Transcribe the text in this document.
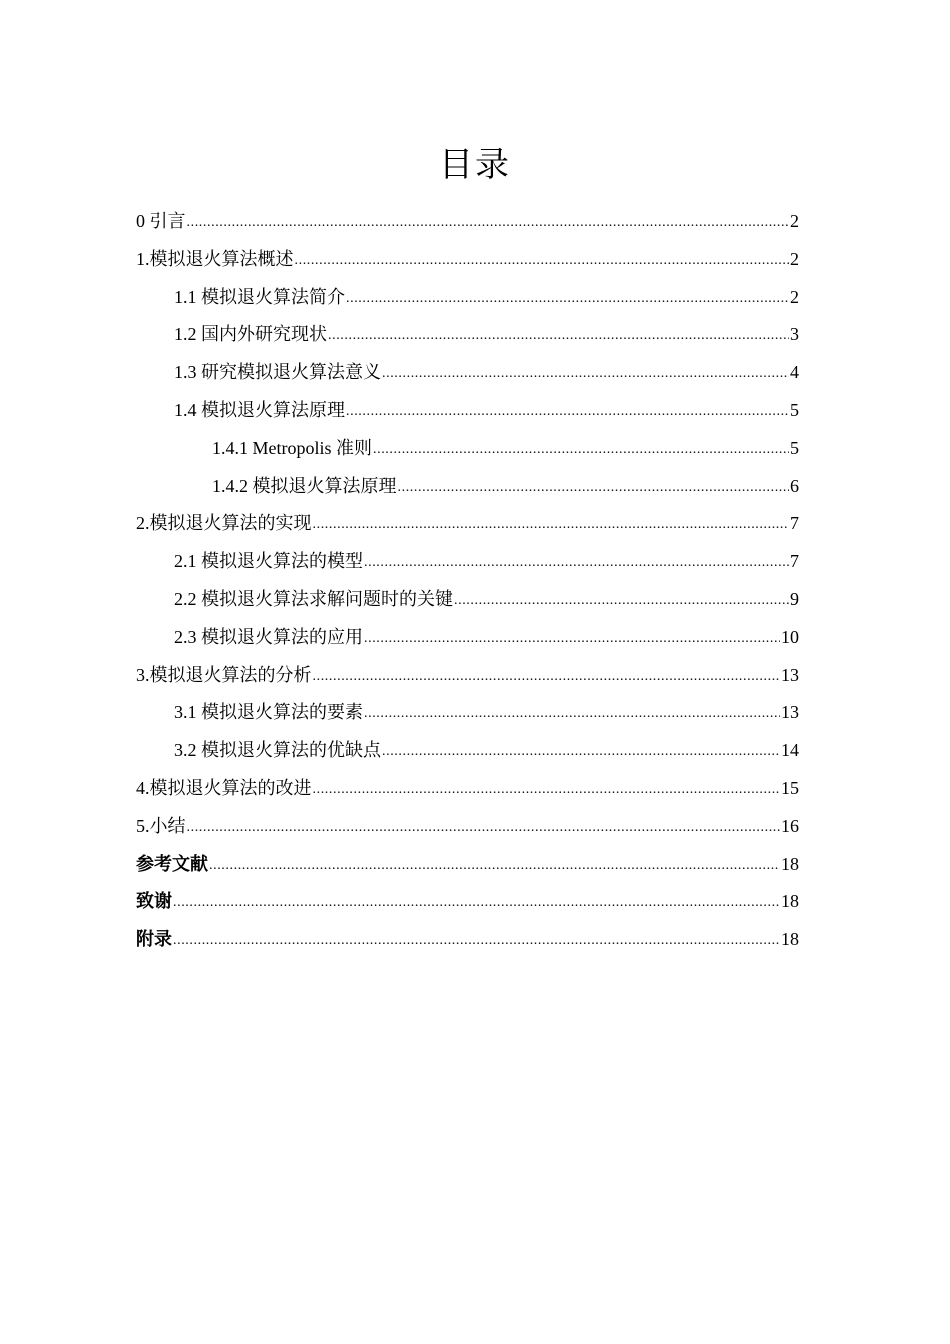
目录
0 引言 .....	2
1.模拟退火算法概述 .....	2
1.1 模拟退火算法简介 .....	2
1.2 国内外研究现状 .....	3
1.3 研究模拟退火算法意义 .....	4
1.4 模拟退火算法原理 .....	5
1.4.1 Metropolis 准则 .....	5
1.4.2 模拟退火算法原理 .....	6
2.模拟退火算法的实现 .....	7
2.1 模拟退火算法的模型 .....	7
2.2 模拟退火算法求解问题时的关键 .....	9
2.3 模拟退火算法的应用 .....	10
3.模拟退火算法的分析 .....	13
3.1 模拟退火算法的要素 .....	13
3.2 模拟退火算法的优缺点 .....	14
4.模拟退火算法的改进 .....	15
5.小结 .....	16
参考文献 .....	18
致谢 .....	18
附录 .....	18
